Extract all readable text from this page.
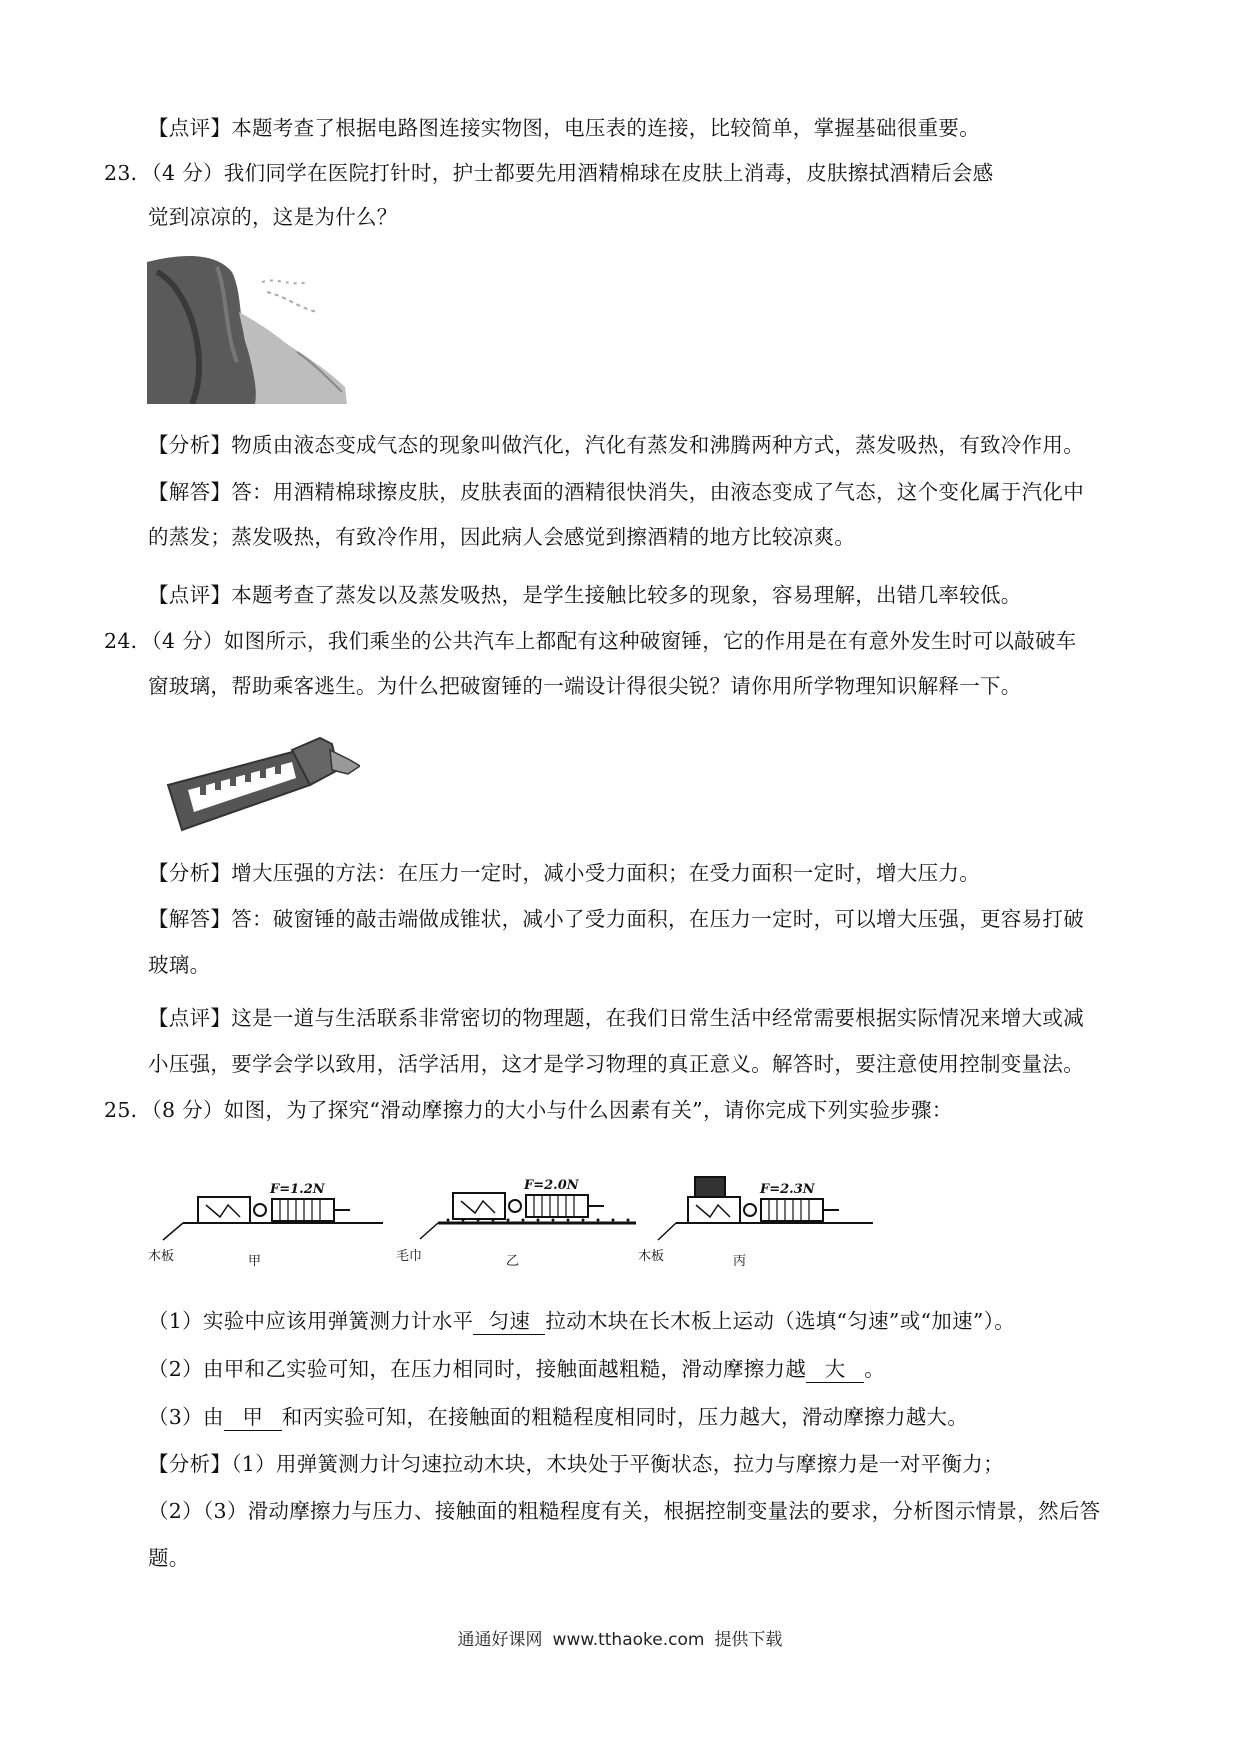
【点评】本题考查了根据电路图连接实物图，电压表的连接，比较简单，掌握基础很重要。
23．（4 分）我们同学在医院打针时，护士都要先用酒精棉球在皮肤上消毒，皮肤擦拭酒精后会感
觉到凉凉的，这是为什么？
【分析】物质由液态变成气态的现象叫做汽化，汽化有蒸发和沸腾两种方式，蒸发吸热，有致冷作用。
【解答】答：用酒精棉球擦皮肤，皮肤表面的酒精很快消失，由液态变成了气态，这个变化属于汽化中
的蒸发；蒸发吸热，有致冷作用，因此病人会感觉到擦酒精的地方比较凉爽。
【点评】本题考查了蒸发以及蒸发吸热，是学生接触比较多的现象，容易理解，出错几率较低。
24．（4 分）如图所示，我们乘坐的公共汽车上都配有这种破窗锤，它的作用是在有意外发生时可以敲破车
窗玻璃，帮助乘客逃生。为什么把破窗锤的一端设计得很尖锐？请你用所学物理知识解释一下。
【分析】增大压强的方法：在压力一定时，减小受力面积；在受力面积一定时，增大压力。
【解答】答：破窗锤的敲击端做成锥状，减小了受力面积，在压力一定时，可以增大压强，更容易打破
玻璃。
【点评】这是一道与生活联系非常密切的物理题，在我们日常生活中经常需要根据实际情况来增大或减
小压强，要学会学以致用，活学活用，这才是学习物理的真正意义。解答时，要注意使用控制变量法。
25．（8 分）如图，为了探究“滑动摩擦力的大小与什么因素有关”，请你完成下列实验步骤：
F=1.2N
木板	甲
F=2.0N
毛巾	乙
F=2.3N
木板	丙
（1）实验中应该用弹簧测力计水平 匀速 拉动木块在长木板上运动（选填“匀速”或“加速”）。
（2）由甲和乙实验可知，在压力相同时，接触面越粗糙，滑动摩擦力越 大 。
（3）由 甲 和丙实验可知，在接触面的粗糙程度相同时，压力越大，滑动摩擦力越大。
【分析】（1）用弹簧测力计匀速拉动木块，木块处于平衡状态，拉力与摩擦力是一对平衡力；
（2）（3）滑动摩擦力与压力、接触面的粗糙程度有关，根据控制变量法的要求，分析图示情景，然后答
题。
通通好课网 www.tthaoke.com 提供下载
